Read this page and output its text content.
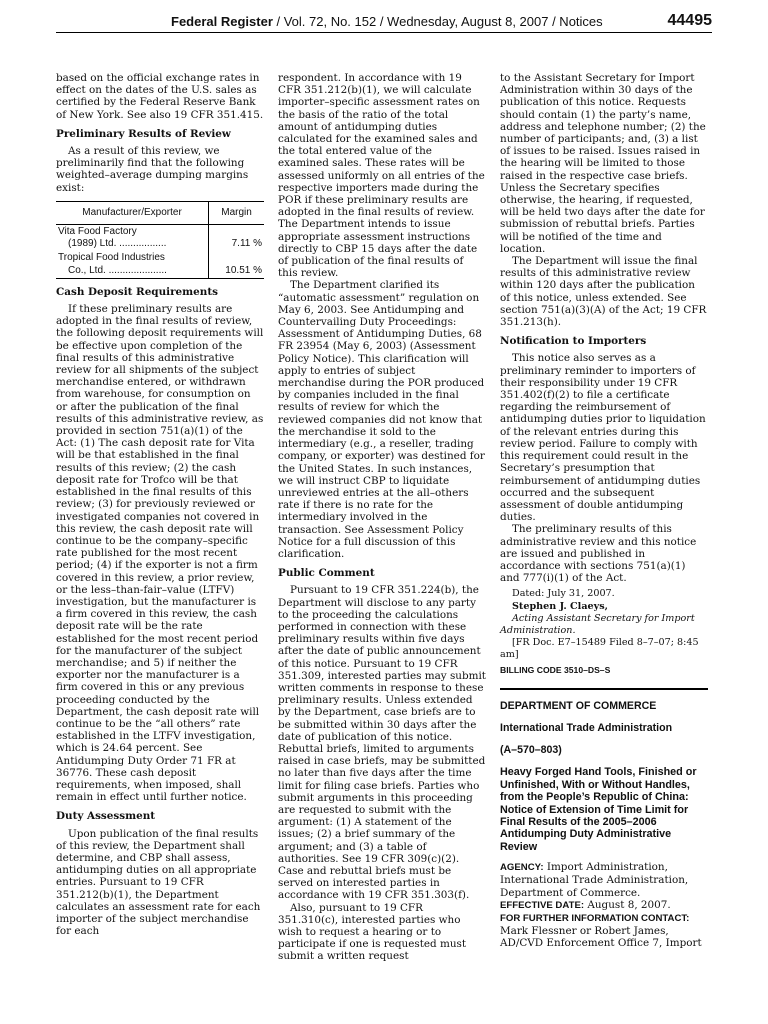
Federal Register / Vol. 72, No. 152 / Wednesday, August 8, 2007 / Notices	44495

based on the official exchange rates in effect on the dates of the U.S. sales as certified by the Federal Reserve Bank of New York. See also 19 CFR 351.415.

Preliminary Results of Review

As a result of this review, we preliminarily find that the following weighted–average dumping margins exist:

Manufacturer/Exporter	Margin

Vita Food Factory
(1989) Ltd. .................	7.11 %

Tropical Food Industries
Co., Ltd. .....................	10.51 %
Cash Deposit Requirements

If these preliminary results are adopted in the final results of review, the following deposit requirements will be effective upon completion of the final results of this administrative review for all shipments of the subject merchandise entered, or withdrawn from warehouse, for consumption on or after the publication of the final results of this administrative review, as provided in section 751(a)(1) of the Act: (1) The cash deposit rate for Vita will be that established in the final results of this review; (2) the cash deposit rate for Trofco will be that established in the final results of this review; (3) for previously reviewed or investigated companies not covered in this review, the cash deposit rate will continue to be the company–specific rate published for the most recent period; (4) if the exporter is not a firm covered in this review, a prior review, or the less–than-fair–value (LTFV) investigation, but the manufacturer is a firm covered in this review, the cash deposit rate will be the rate established for the most recent period for the manufacturer of the subject merchandise; and 5) if neither the exporter nor the manufacturer is a firm covered in this or any previous proceeding conducted by the Department, the cash deposit rate will continue to be the “all others” rate established in the LTFV investigation, which is 24.64 percent. See Antidumping Duty Order 71 FR at 36776. These cash deposit requirements, when imposed, shall remain in effect until further notice.

Duty Assessment

Upon publication of the final results of this review, the Department shall determine, and CBP shall assess, antidumping duties on all appropriate entries. Pursuant to 19 CFR 351.212(b)(1), the Department calculates an assessment rate for each importer of the subject merchandise for each

respondent. In accordance with 19 CFR 351.212(b)(1), we will calculate importer–specific assessment rates on the basis of the ratio of the total amount of antidumping duties calculated for the examined sales and the total entered value of the examined sales. These rates will be assessed uniformly on all entries of the respective importers made during the POR if these preliminary results are adopted in the final results of review. The Department intends to issue appropriate assessment instructions directly to CBP 15 days after the date of publication of the final results of this review.

The Department clarified its “automatic assessment” regulation on May 6, 2003. See Antidumping and Countervailing Duty Proceedings: Assessment of Antidumping Duties, 68 FR 23954 (May 6, 2003) (Assessment Policy Notice). This clarification will apply to entries of subject merchandise during the POR produced by companies included in the final results of review for which the reviewed companies did not know that the merchandise it sold to the intermediary (e.g., a reseller, trading company, or exporter) was destined for the United States. In such instances, we will instruct CBP to liquidate unreviewed entries at the all–others rate if there is no rate for the intermediary involved in the transaction. See Assessment Policy Notice for a full discussion of this clarification.

Public Comment

Pursuant to 19 CFR 351.224(b), the Department will disclose to any party to the proceeding the calculations performed in connection with these preliminary results within five days after the date of public announcement of this notice. Pursuant to 19 CFR 351.309, interested parties may submit written comments in response to these preliminary results. Unless extended by the Department, case briefs are to be submitted within 30 days after the date of publication of this notice. Rebuttal briefs, limited to arguments raised in case briefs, may be submitted no later than five days after the time limit for filing case briefs. Parties who submit arguments in this proceeding are requested to submit with the argument: (1) A statement of the issues; (2) a brief summary of the argument; and (3) a table of authorities. See 19 CFR 309(c)(2). Case and rebuttal briefs must be served on interested parties in accordance with 19 CFR 351.303(f).

Also, pursuant to 19 CFR 351.310(c), interested parties who wish to request a hearing or to participate if one is requested must submit a written request

to the Assistant Secretary for Import Administration within 30 days of the publication of this notice. Requests should contain (1) the party’s name, address and telephone number; (2) the number of participants; and, (3) a list of issues to be raised. Issues raised in the hearing will be limited to those raised in the respective case briefs. Unless the Secretary specifies otherwise, the hearing, if requested, will be held two days after the date for submission of rebuttal briefs. Parties will be notified of the time and location.

The Department will issue the final results of this administrative review within 120 days after the publication of this notice, unless extended. See section 751(a)(3)(A) of the Act; 19 CFR 351.213(h).

Notification to Importers

This notice also serves as a preliminary reminder to importers of their responsibility under 19 CFR 351.402(f)(2) to file a certificate regarding the reimbursement of antidumping duties prior to liquidation of the relevant entries during this review period. Failure to comply with this requirement could result in the Secretary’s presumption that reimbursement of antidumping duties occurred and the subsequent assessment of double antidumping duties.

The preliminary results of this administrative review and this notice are issued and published in accordance with sections 751(a)(1) and 777(i)(1) of the Act.

Dated: July 31, 2007.

Stephen J. Claeys,

Acting Assistant Secretary for Import Administration.

[FR Doc. E7–15489 Filed 8–7–07; 8:45 am]

BILLING CODE 3510–DS–S

DEPARTMENT OF COMMERCE
International Trade Administration
(A–570–803)
Heavy Forged Hand Tools, Finished or Unfinished, With or Without Handles, from the People’s Republic of China: Notice of Extension of Time Limit for Final Results of the 2005–2006 Antidumping Duty Administrative Review

AGENCY: Import Administration, International Trade Administration, Department of Commerce.

EFFECTIVE DATE: August 8, 2007.

FOR FURTHER INFORMATION CONTACT: Mark Flessner or Robert James, AD/CVD Enforcement Office 7, Import
